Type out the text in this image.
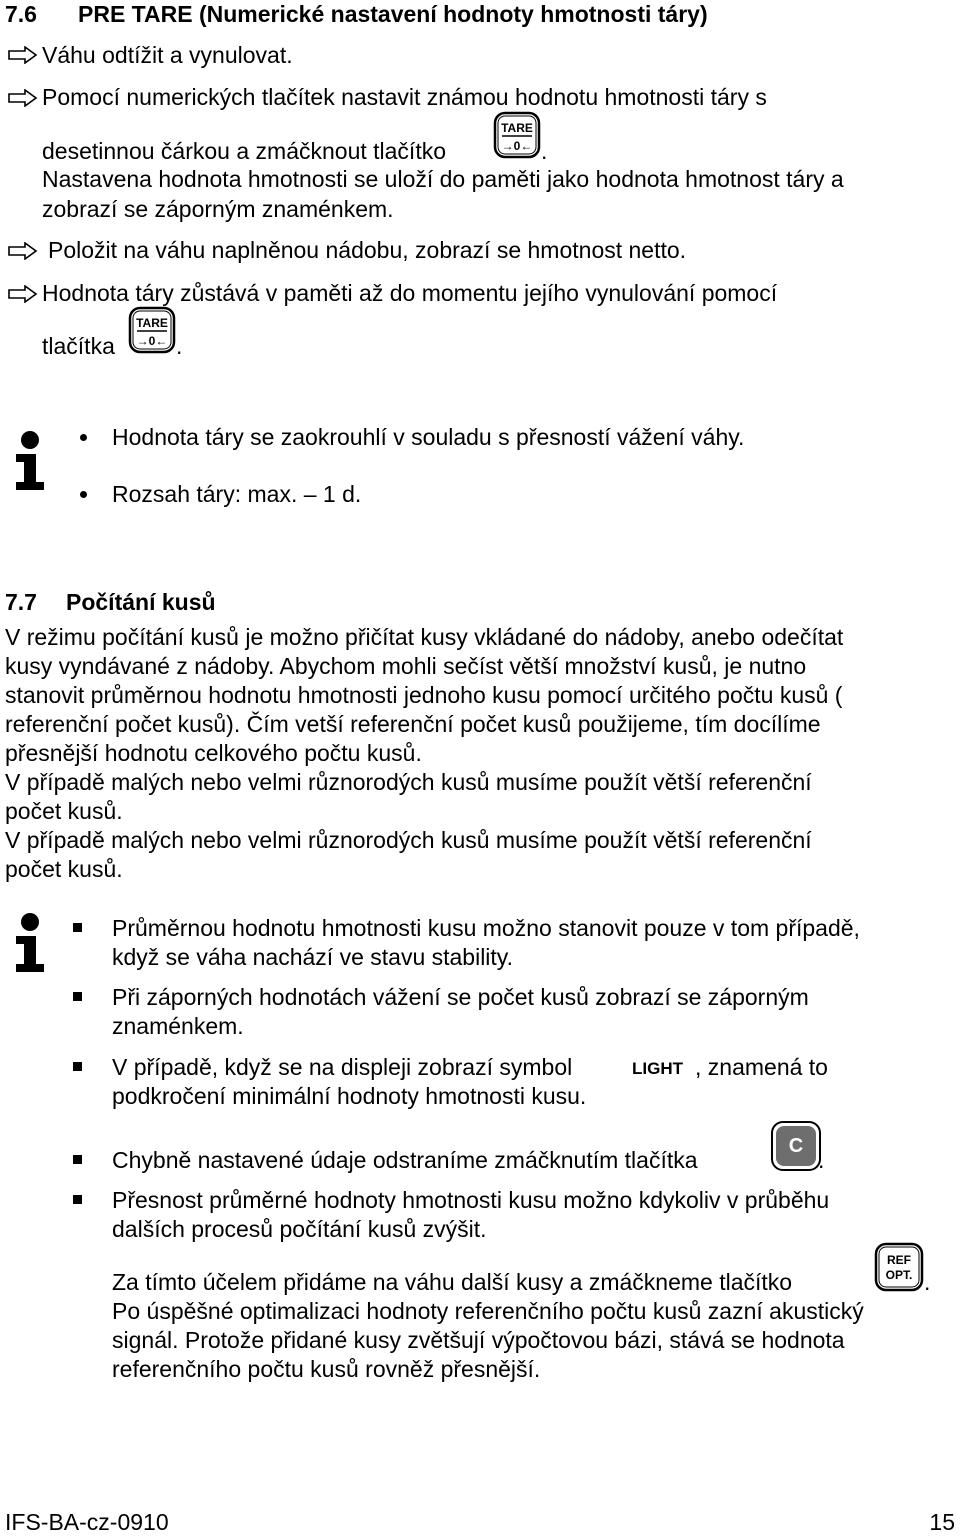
7.6 PRE TARE (Numerické nastavení hodnoty hmotnosti táry)
Váhu odtížit a vynulovat.
Pomocí numerických tlačítek nastavit známou hodnotu hmotnosti táry s
desetinnou čárkou a zmáčknout tlačítko
TARE
→0← .
Nastavena hodnota hmotnosti se uloží do paměti jako hodnota hmotnost táry a
zobrazí se záporným znaménkem.
Položit na váhu naplněnou nádobu, zobrazí se hmotnost netto.
Hodnota táry zůstává v paměti až do momentu jejího vynulování pomocí
tlačítka
TARE
→0← .
Hodnota táry se zaokrouhlí v souladu s přesností vážení váhy.
Rozsah táry: max. – 1 d.
7.7 Počítání kusů
V režimu počítání kusů je možno přičítat kusy vkládané do nádoby, anebo odečítat
kusy vyndávané z nádoby. Abychom mohli sečíst větší množství kusů, je nutno
stanovit průměrnou hodnotu hmotnosti jednoho kusu pomocí určitého počtu kusů (
referenční počet kusů). Čím vetší referenční počet kusů použijeme, tím docílíme
přesnější hodnotu celkového počtu kusů.
V případě malých nebo velmi různorodých kusů musíme použít větší referenční
počet kusů.
V případě malých nebo velmi různorodých kusů musíme použít větší referenční
počet kusů.
Průměrnou hodnotu hmotnosti kusu možno stanovit pouze v tom případě,
když se váha nachází ve stavu stability.
Při záporných hodnotách vážení se počet kusů zobrazí se záporným
znaménkem.
V případě, když se na displeji zobrazí symbol	LIGHT , znamená to
podkročení minimální hodnoty hmotnosti kusu.
Chybně nastavené údaje odstraníme zmáčknutím tlačítka
C
.
Přesnost průměrné hodnoty hmotnosti kusu možno kdykoliv v průběhu
dalších procesů počítání kusů zvýšit.
Za tímto účelem přidáme na váhu další kusy a zmáčkneme tlačítko
REF
OPT. .
Po úspěšné optimalizaci hodnoty referenčního počtu kusů zazní akustický
signál. Protože přidané kusy zvětšují výpočtovou bázi, stává se hodnota
referenčního počtu kusů rovněž přesnější.
IFS-BA-cz-0910	15
